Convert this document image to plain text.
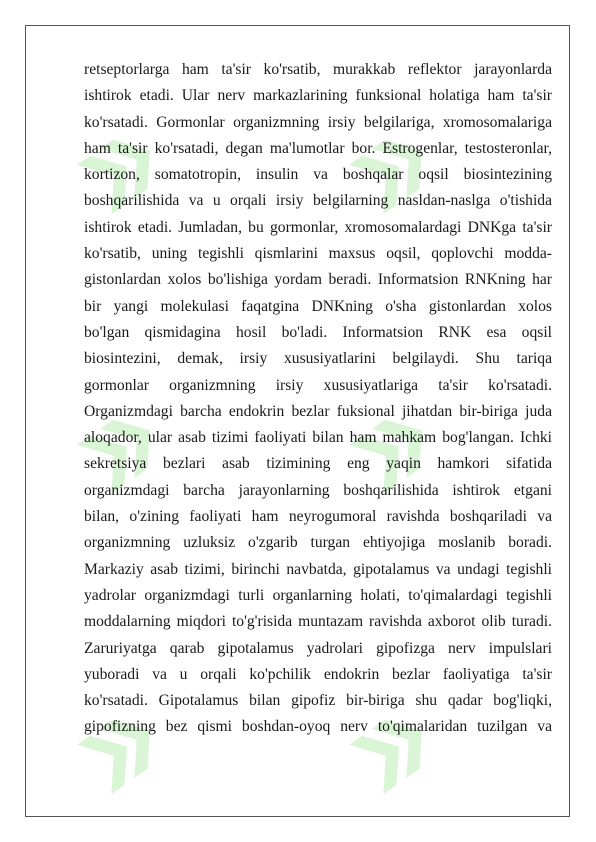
retseptorlarga ham ta'sir ko'rsatib, murakkab reflektor jarayonlarda
ishtirok etadi. Ular nerv markazlarining funksional holatiga ham ta'sir
ko'rsatadi. Gormonlar organizmning irsiy belgilariga, xromosomalariga
ham ta'sir ko'rsatadi, degan ma'lumotlar bor. Estrogenlar, testosteronlar,
kortizon, somatotropin, insulin va boshqalar oqsil biosintezining
boshqarilishida va u orqali irsiy belgilarning nasldan-naslga o'tishida
ishtirok etadi. Jumladan, bu gormonlar, xromosomalardagi DNKga ta'sir
ko'rsatib, uning tegishli qismlarini maxsus oqsil, qoplovchi modda-
gistonlardan xolos bo'lishiga yordam beradi. Informatsion RNKning har
bir yangi molekulasi faqatgina DNKning o'sha gistonlardan xolos
bo'lgan qismidagina hosil bo'ladi. Informatsion RNK esa oqsil
biosintezini, demak, irsiy xususiyatlarini belgilaydi. Shu tariqa
gormonlar organizmning irsiy xususiyatlariga ta'sir ko'rsatadi.
Organizmdagi barcha endokrin bezlar fuksional jihatdan bir-biriga juda
aloqador, ular asab tizimi faoliyati bilan ham mahkam bog'langan. Ichki
sekretsiya bezlari asab tizimining eng yaqin hamkori sifatida
organizmdagi barcha jarayonlarning boshqarilishida ishtirok etgani
bilan, o'zining faoliyati ham neyrogumoral ravishda boshqariladi va
organizmning uzluksiz o'zgarib turgan ehtiyojiga moslanib boradi.
Markaziy asab tizimi, birinchi navbatda, gipotalamus va undagi tegishli
yadrolar organizmdagi turli organlarning holati, to'qimalardagi tegishli
moddalarning miqdori to'g'risida muntazam ravishda axborot olib turadi.
Zaruriyatga qarab gipotalamus yadrolari gipofizga nerv impulslari
yuboradi va u orqali ko'pchilik endokrin bezlar faoliyatiga ta'sir
ko'rsatadi. Gipotalamus bilan gipofiz bir-biriga shu qadar bog'liqki,
gipofizning bez qismi boshdan-oyoq nerv to'qimalaridan tuzilgan va
